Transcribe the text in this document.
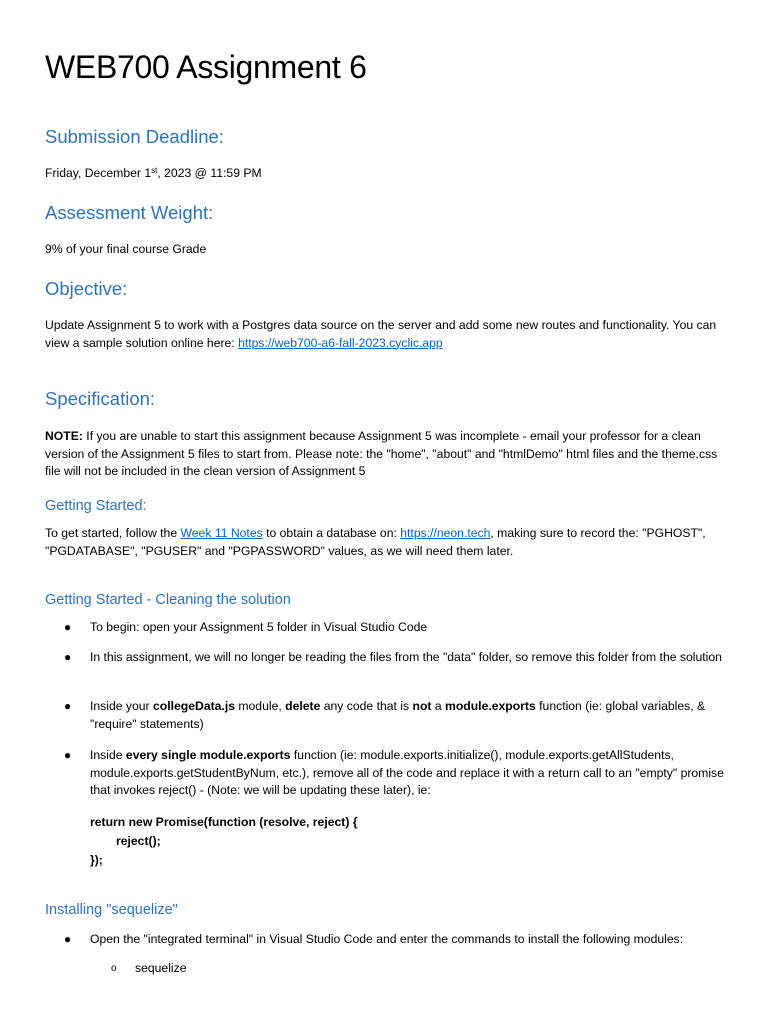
WEB700 Assignment 6
Submission Deadline:

Friday, December 1st, 2023 @ 11:59 PM

Assessment Weight:

9% of your final course Grade

Objective:

Update Assignment 5 to work with a Postgres data source on the server and add some new routes and functionality. You can view a sample solution online here: https://web700-a6-fall-2023.cyclic.app

Specification:

NOTE: If you are unable to start this assignment because Assignment 5 was incomplete - email your professor for a clean version of the Assignment 5 files to start from. Please note: the "home", "about" and "htmlDemo" html files and the theme.css file will not be included in the clean version of Assignment 5

Getting Started:

To get started, follow the Week 11 Notes to obtain a database on: https://neon.tech, making sure to record the: "PGHOST", "PGDATABASE", "PGUSER" and "PGPASSWORD" values, as we will need them later.

Getting Started - Cleaning the solution
● To begin: open your Assignment 5 folder in Visual Studio Code
● In this assignment, we will no longer be reading the files from the "data" folder, so remove this folder from the solution
● Inside your collegeData.js module, delete any code that is not a module.exports function (ie: global variables, & "require" statements)
● Inside every single module.exports function (ie: module.exports.initialize(), module.exports.getAllStudents, module.exports.getStudentByNum, etc.), remove all of the code and replace it with a return call to an "empty" promise that invokes reject() - (Note: we will be updating these later), ie:
return new Promise(function (resolve, reject) {
reject();
});
Installing "sequelize"
● Open the "integrated terminal" in Visual Studio Code and enter the commands to install the following modules:
o sequelize
